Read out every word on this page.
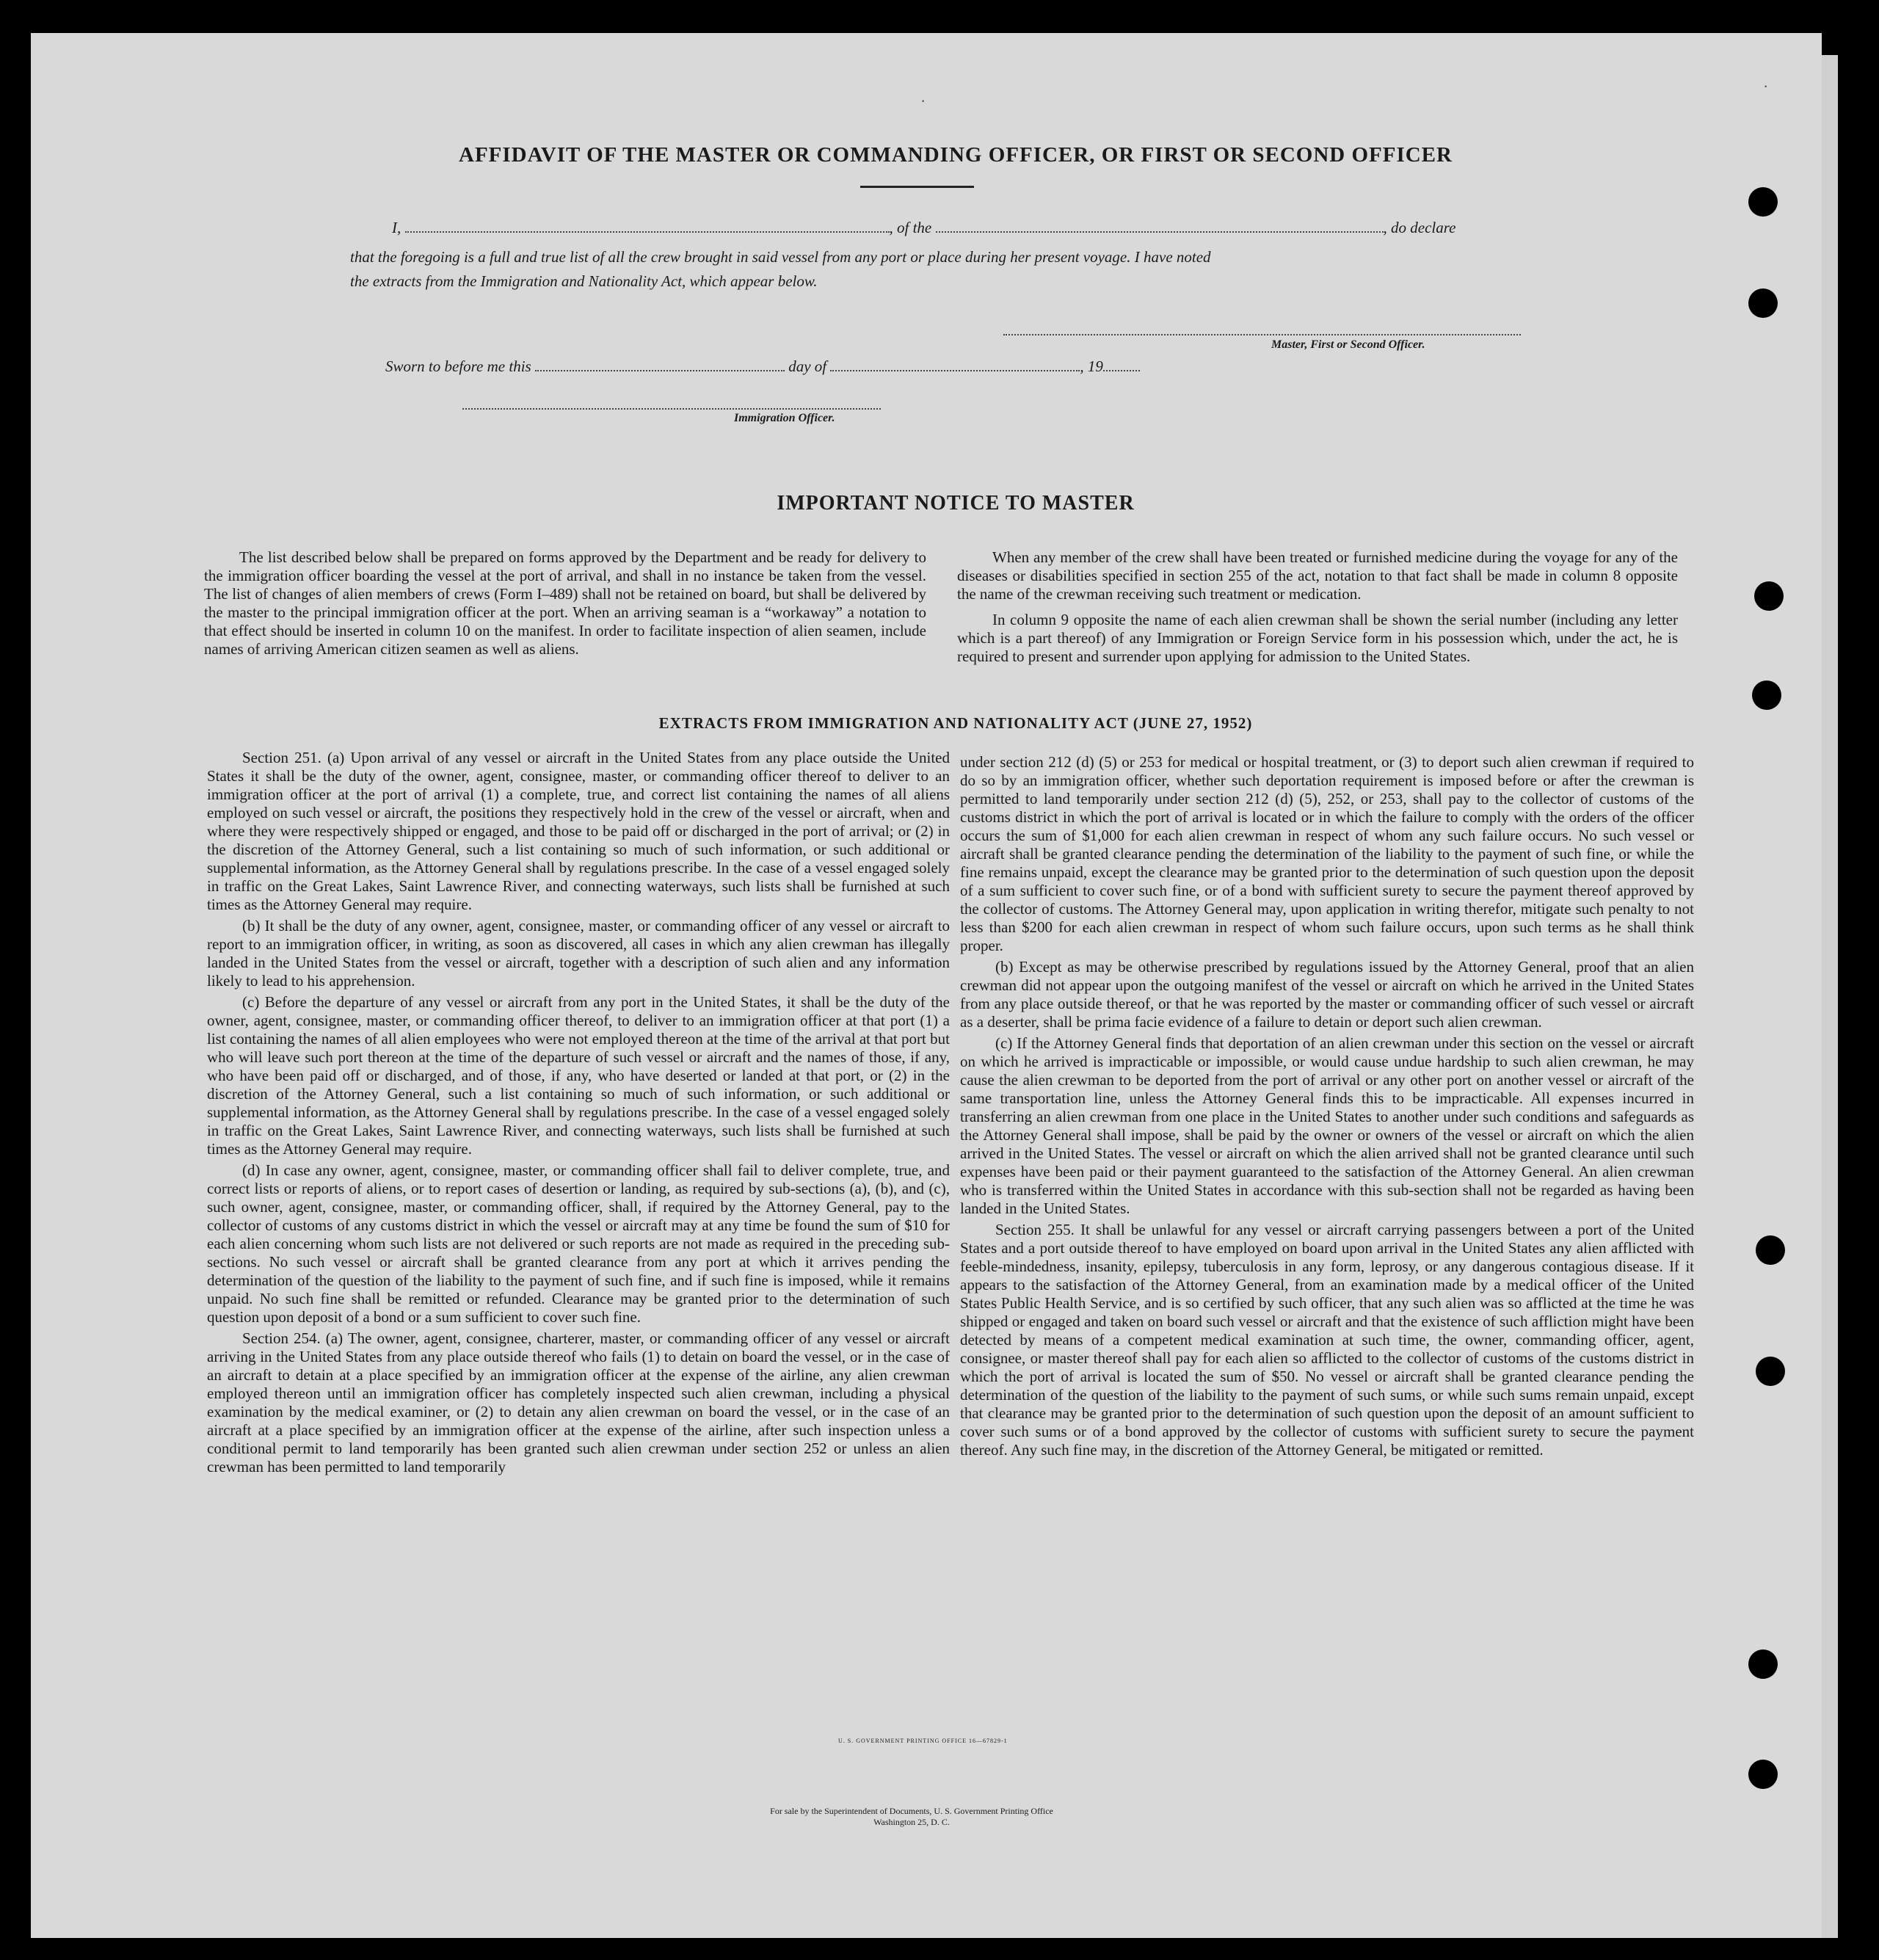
AFFIDAVIT OF THE MASTER OR COMMANDING OFFICER, OR FIRST OR SECOND OFFICER
I,	, of the	, do declare
that the foregoing is a full and true list of all the crew brought in said vessel from any port or place during her present voyage. I have noted
the extracts from the Immigration and Nationality Act, which appear below.
Master, First or Second Officer.
Sworn to before me this	day of	, 19
Immigration Officer.
IMPORTANT NOTICE TO MASTER

The list described below shall be prepared on forms approved by the Department and be ready for delivery to the immigration officer boarding the vessel at the port of arrival, and shall in no instance be taken from the vessel. The list of changes of alien members of crews (Form I–489) shall not be retained on board, but shall be delivered by the master to the principal immigration officer at the port. When an arriving seaman is a “workaway” a notation to that effect should be inserted in column 10 on the manifest. In order to facilitate inspection of alien seamen, include names of arriving American citizen seamen as well as aliens.

When any member of the crew shall have been treated or furnished medicine during the voyage for any of the diseases or disabilities specified in section 255 of the act, notation to that fact shall be made in column 8 opposite the name of the crewman receiving such treatment or medication.

In column 9 opposite the name of each alien crewman shall be shown the serial number (including any letter which is a part thereof) of any Immigration or Foreign Service form in his possession which, under the act, he is required to present and surrender upon applying for admission to the United States.

EXTRACTS FROM IMMIGRATION AND NATIONALITY ACT (JUNE 27, 1952)

Section 251. (a) Upon arrival of any vessel or aircraft in the United States from any place outside the United States it shall be the duty of the owner, agent, consignee, master, or commanding officer thereof to deliver to an immigration officer at the port of arrival (1) a complete, true, and correct list containing the names of all aliens employed on such vessel or aircraft, the positions they respectively hold in the crew of the vessel or aircraft, when and where they were respectively shipped or engaged, and those to be paid off or discharged in the port of arrival; or (2) in the discretion of the Attorney General, such a list containing so much of such information, or such additional or supplemental information, as the Attorney General shall by regulations prescribe. In the case of a vessel engaged solely in traffic on the Great Lakes, Saint Lawrence River, and connecting waterways, such lists shall be furnished at such times as the Attorney General may require.

(b) It shall be the duty of any owner, agent, consignee, master, or commanding officer of any vessel or aircraft to report to an immigration officer, in writing, as soon as discovered, all cases in which any alien crewman has illegally landed in the United States from the vessel or aircraft, together with a description of such alien and any information likely to lead to his apprehension.

(c) Before the departure of any vessel or aircraft from any port in the United States, it shall be the duty of the owner, agent, consignee, master, or commanding officer thereof, to deliver to an immigration officer at that port (1) a list containing the names of all alien employees who were not employed thereon at the time of the arrival at that port but who will leave such port thereon at the time of the departure of such vessel or aircraft and the names of those, if any, who have been paid off or discharged, and of those, if any, who have deserted or landed at that port, or (2) in the discretion of the Attorney General, such a list containing so much of such information, or such additional or supplemental information, as the Attorney General shall by regulations prescribe. In the case of a vessel engaged solely in traffic on the Great Lakes, Saint Lawrence River, and connecting waterways, such lists shall be furnished at such times as the Attorney General may require.

(d) In case any owner, agent, consignee, master, or commanding officer shall fail to deliver complete, true, and correct lists or reports of aliens, or to report cases of desertion or landing, as required by sub-sections (a), (b), and (c), such owner, agent, consignee, master, or commanding officer, shall, if required by the Attorney General, pay to the collector of customs of any customs district in which the vessel or aircraft may at any time be found the sum of $10 for each alien concerning whom such lists are not delivered or such reports are not made as required in the preceding sub-sections. No such vessel or aircraft shall be granted clearance from any port at which it arrives pending the determination of the question of the liability to the payment of such fine, and if such fine is imposed, while it remains unpaid. No such fine shall be remitted or refunded. Clearance may be granted prior to the determination of such question upon deposit of a bond or a sum sufficient to cover such fine.

Section 254. (a) The owner, agent, consignee, charterer, master, or commanding officer of any vessel or aircraft arriving in the United States from any place outside thereof who fails (1) to detain on board the vessel, or in the case of an aircraft to detain at a place specified by an immigration officer at the expense of the airline, any alien crewman employed thereon until an immigration officer has completely inspected such alien crewman, including a physical examination by the medical examiner, or (2) to detain any alien crewman on board the vessel, or in the case of an aircraft at a place specified by an immigration officer at the expense of the airline, after such inspection unless a conditional permit to land temporarily has been granted such alien crewman under section 252 or unless an alien crewman has been permitted to land temporarily

under section 212 (d) (5) or 253 for medical or hospital treatment, or (3) to deport such alien crewman if required to do so by an immigration officer, whether such deportation requirement is imposed before or after the crewman is permitted to land temporarily under section 212 (d) (5), 252, or 253, shall pay to the collector of customs of the customs district in which the port of arrival is located or in which the failure to comply with the orders of the officer occurs the sum of $1,000 for each alien crewman in respect of whom any such failure occurs. No such vessel or aircraft shall be granted clearance pending the determination of the liability to the payment of such fine, or while the fine remains unpaid, except the clearance may be granted prior to the determination of such question upon the deposit of a sum sufficient to cover such fine, or of a bond with sufficient surety to secure the payment thereof approved by the collector of customs. The Attorney General may, upon application in writing therefor, mitigate such penalty to not less than $200 for each alien crewman in respect of whom such failure occurs, upon such terms as he shall think proper.

(b) Except as may be otherwise prescribed by regulations issued by the Attorney General, proof that an alien crewman did not appear upon the outgoing manifest of the vessel or aircraft on which he arrived in the United States from any place outside thereof, or that he was reported by the master or commanding officer of such vessel or aircraft as a deserter, shall be prima facie evidence of a failure to detain or deport such alien crewman.

(c) If the Attorney General finds that deportation of an alien crewman under this section on the vessel or aircraft on which he arrived is impracticable or impossible, or would cause undue hardship to such alien crewman, he may cause the alien crewman to be deported from the port of arrival or any other port on another vessel or aircraft of the same transportation line, unless the Attorney General finds this to be impracticable. All expenses incurred in transferring an alien crewman from one place in the United States to another under such conditions and safeguards as the Attorney General shall impose, shall be paid by the owner or owners of the vessel or aircraft on which the alien arrived in the United States. The vessel or aircraft on which the alien arrived shall not be granted clearance until such expenses have been paid or their payment guaranteed to the satisfaction of the Attorney General. An alien crewman who is transferred within the United States in accordance with this sub-section shall not be regarded as having been landed in the United States.

Section 255. It shall be unlawful for any vessel or aircraft carrying passengers between a port of the United States and a port outside thereof to have employed on board upon arrival in the United States any alien afflicted with feeble-mindedness, insanity, epilepsy, tuberculosis in any form, leprosy, or any dangerous contagious disease. If it appears to the satisfaction of the Attorney General, from an examination made by a medical officer of the United States Public Health Service, and is so certified by such officer, that any such alien was so afflicted at the time he was shipped or engaged and taken on board such vessel or aircraft and that the existence of such affliction might have been detected by means of a competent medical examination at such time, the owner, commanding officer, agent, consignee, or master thereof shall pay for each alien so afflicted to the collector of customs of the customs district in which the port of arrival is located the sum of $50. No vessel or aircraft shall be granted clearance pending the determination of the question of the liability to the payment of such sums, or while such sums remain unpaid, except that clearance may be granted prior to the determination of such question upon the deposit of an amount sufficient to cover such sums or of a bond approved by the collector of customs with sufficient surety to secure the payment thereof. Any such fine may, in the discretion of the Attorney General, be mitigated or remitted.

U. S. GOVERNMENT PRINTING OFFICE 16—67829-1
For sale by the Superintendent of Documents, U. S. Government Printing Office
Washington 25, D. C.
·
·
